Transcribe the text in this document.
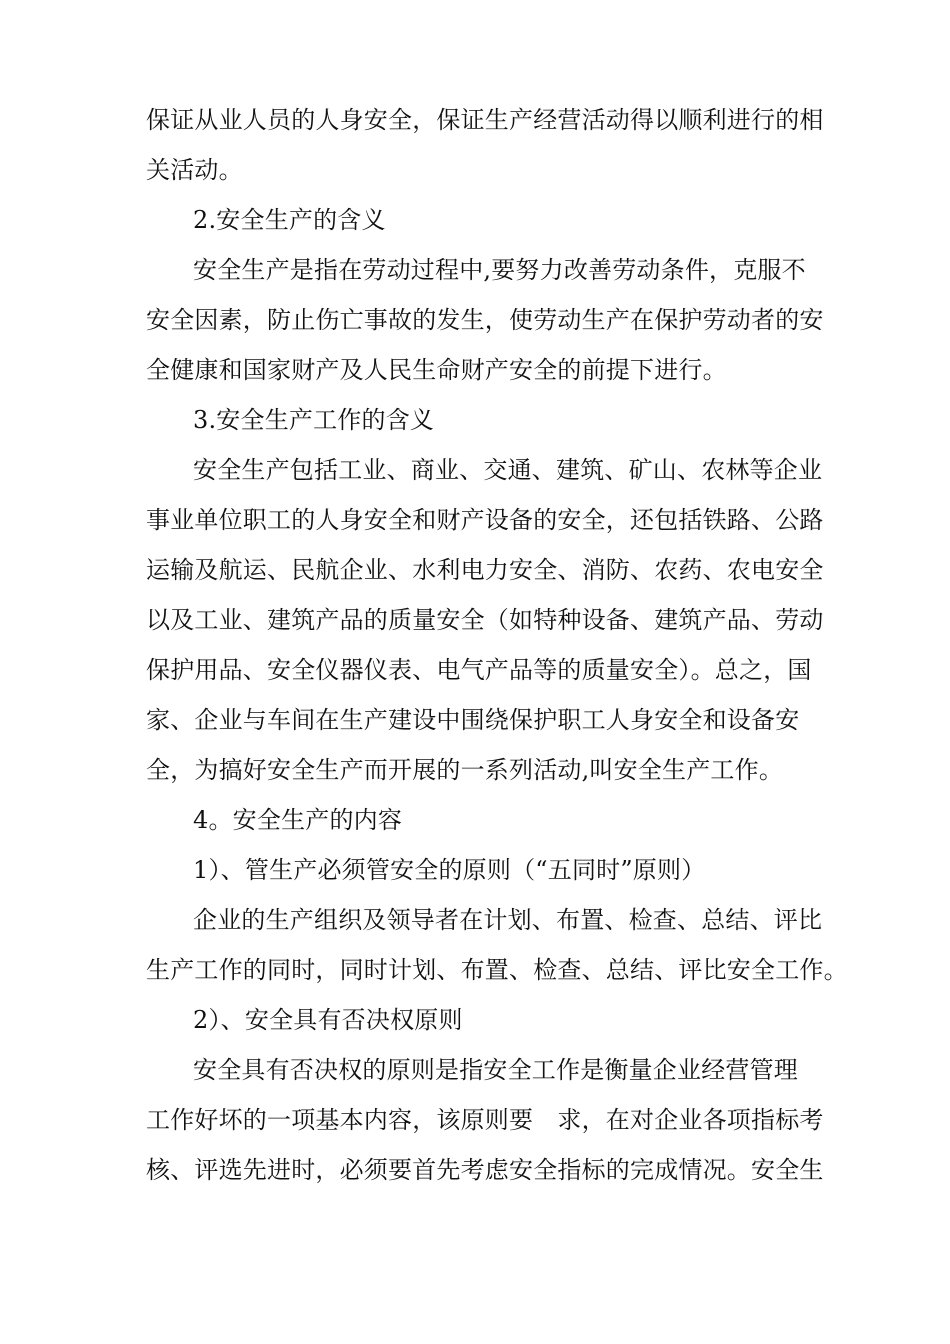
保证从业人员的人身安全，保证生产经营活动得以顺利进行的相
关活动。
2.安全生产的含义
安全生产是指在劳动过程中,要努力改善劳动条件，克服不
安全因素，防止伤亡事故的发生，使劳动生产在保护劳动者的安
全健康和国家财产及人民生命财产安全的前提下进行。
3.安全生产工作的含义
安全生产包括工业、商业、交通、建筑、矿山、农林等企业
事业单位职工的人身安全和财产设备的安全，还包括铁路、公路
运输及航运、民航企业、水利电力安全、消防、农药、农电安全
以及工业、建筑产品的质量安全（如特种设备、建筑产品、劳动
保护用品、安全仪器仪表、电气产品等的质量安全）。总之，国
家、企业与车间在生产建设中围绕保护职工人身安全和设备安
全，为搞好安全生产而开展的一系列活动,叫安全生产工作。
4。安全生产的内容
1）、管生产必须管安全的原则（“五同时”原则）
企业的生产组织及领导者在计划、布置、检查、总结、评比
生产工作的同时，同时计划、布置、检查、总结、评比安全工作。
2）、安全具有否决权原则
安全具有否决权的原则是指安全工作是衡量企业经营管理
工作好坏的一项基本内容，该原则要　求，在对企业各项指标考
核、评选先进时，必须要首先考虑安全指标的完成情况。安全生
